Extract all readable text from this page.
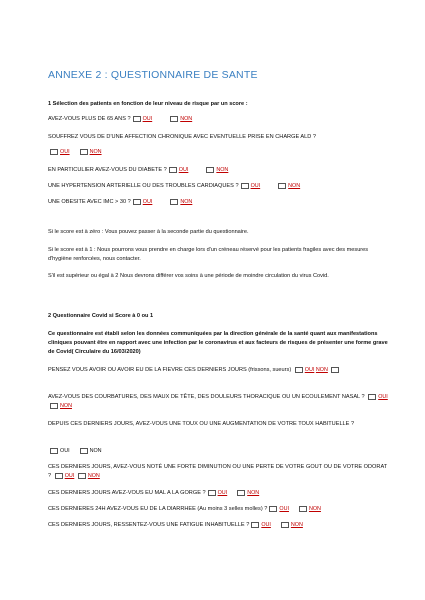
ANNEXE 2 : QUESTIONNAIRE DE SANTE
1 Sélection des patients en fonction de leur niveau de risque par un score :
AVEZ-VOUS PLUS DE 65 ANS ? OUI	NON
SOUFFREZ VOUS DE D'UNE AFFECTION CHRONIQUE AVEC EVENTUELLE PRISE EN CHARGE ALD ?
OUI	NON
EN PARTICULIER AVEZ-VOUS DU DIABETE ? OUI	NON
UNE HYPERTENSION ARTERIELLE OU DES TROUBLES CARDIAQUES ? OUI	NON
UNE OBESITE AVEC IMC > 30 ? OUI	NON
Si le score est à zéro : Vous pouvez passer à la seconde partie du questionnaire.
Si le score est à 1 : Nous pourrons vous prendre en charge lors d'un créneau réservé pour les patients fragiles avec des mesures d'hygiène renforcées, nous contacter.
S'il est supérieur ou égal à 2 Nous devrons différer vos soins à une période de moindre circulation du virus Covid.
2 Questionnaire Covid si Score à 0 ou 1
Ce questionnaire est établi selon les données communiquées par la direction générale de la santé quant aux manifestations cliniques pouvant être en rapport avec une infection par le coronavirus et aux facteurs de risques de présenter une forme grave de Covid( Circulaire du 16/03/2020)
PENSEZ VOUS AVOIR OU AVOIR EU DE LA FIEVRE CES DERNIERS JOURS (frissons, sueurs)	OUI NON
AVEZ-VOUS DES COURBATURES, DES MAUX DE TÊTE, DES DOULEURS THORACIQUE OU UN ECOULEMENT NASAL ?	OUI NON
DEPUIS CES DERNIERS JOURS, AVEZ-VOUS UNE TOUX OU UNE AUGMENTATION DE VOTRE TOUX HABITUELLE ?
OUI	NON
CES DERNIERS JOURS, AVEZ-VOUS NOTÉ UNE FORTE DIMINUTION OU UNE PERTE DE VOTRE GOUT OU DE VOTRE ODORAT ?	OUI	NON
CES DERNIERS JOURS AVEZ-VOUS EU MAL A LA GORGE ? OUI	NON
CES DERNIERES 24H AVEZ-VOUS EU DE LA DIARRHEE (Au moins 3 selles molles) ? OUI	NON
CES DERNIERS JOURS, RESSENTEZ-VOUS UNE FATIGUE INHABITUELLE ? OUI	NON
